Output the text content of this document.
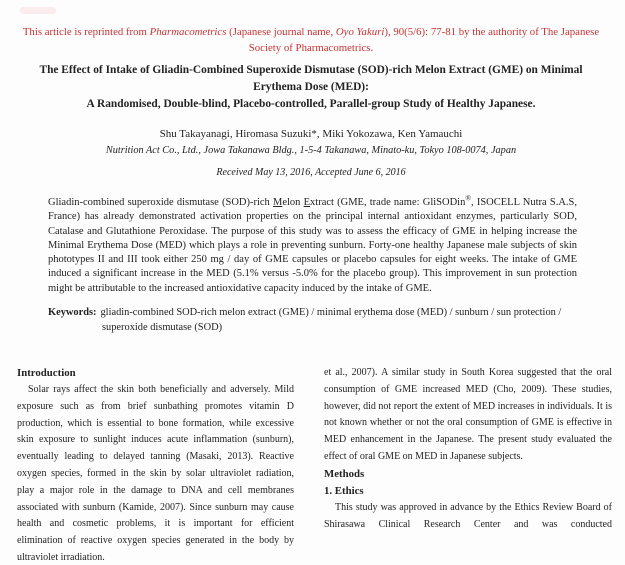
This article is reprinted from Pharmacometrics (Japanese journal name, Oyo Yakuri), 90(5/6): 77-81 by the authority of The Japanese Society of Pharmacometrics.
The Effect of Intake of Gliadin-Combined Superoxide Dismutase (SOD)-rich Melon Extract (GME) on Minimal Erythema Dose (MED):
A Randomised, Double-blind, Placebo-controlled, Parallel-group Study of Healthy Japanese.
Shu Takayanagi, Hiromasa Suzuki*, Miki Yokozawa, Ken Yamauchi
Nutrition Act Co., Ltd., Jowa Takanawa Bldg., 1-5-4 Takanawa, Minato-ku, Tokyo 108-0074, Japan
Received May 13, 2016, Accepted June 6, 2016

Gliadin-combined superoxide dismutase (SOD)-rich Melon Extract (GME, trade name: GliSODin®, ISOCELL Nutra S.A.S, France) has already demonstrated activation properties on the principal internal antioxidant enzymes, particularly SOD, Catalase and Glutathione Peroxidase. The purpose of this study was to assess the efficacy of GME in helping increase the Minimal Erythema Dose (MED) which plays a role in preventing sunburn. Forty-one healthy Japanese male subjects of skin phototypes II and III took either 250 mg / day of GME capsules or placebo capsules for eight weeks. The intake of GME induced a significant increase in the MED (5.1% versus -5.0% for the placebo group). This improvement in sun protection might be attributable to the increased antioxidative capacity induced by the intake of GME.

Keywords: gliadin-combined SOD-rich melon extract (GME) / minimal erythema dose (MED) / sunburn / sun protection / superoxide dismutase (SOD)

Introduction

Solar rays affect the skin both beneficially and adversely. Mild exposure such as from brief sunbathing promotes vitamin D production, which is essential to bone formation, while excessive skin exposure to sunlight induces acute inflammation (sunburn), eventually leading to delayed tanning (Masaki, 2013). Reactive oxygen species, formed in the skin by solar ultraviolet radiation, play a major role in the damage to DNA and cell membranes associated with sunburn (Kamide, 2007). Since sunburn may cause health and cosmetic problems, it is important for efficient elimination of reactive oxygen species generated in the body by ultraviolet irradiation.

et al., 2007). A similar study in South Korea suggested that the oral consumption of GME increased MED (Cho, 2009). These studies, however, did not report the extent of MED increases in individuals. It is not known whether or not the oral consumption of GME is effective in MED enhancement in the Japanese. The present study evaluated the effect of oral GME on MED in Japanese subjects.

Methods
1. Ethics

This study was approved in advance by the Ethics Review Board of Shirasawa Clinical Research Center and was conducted
